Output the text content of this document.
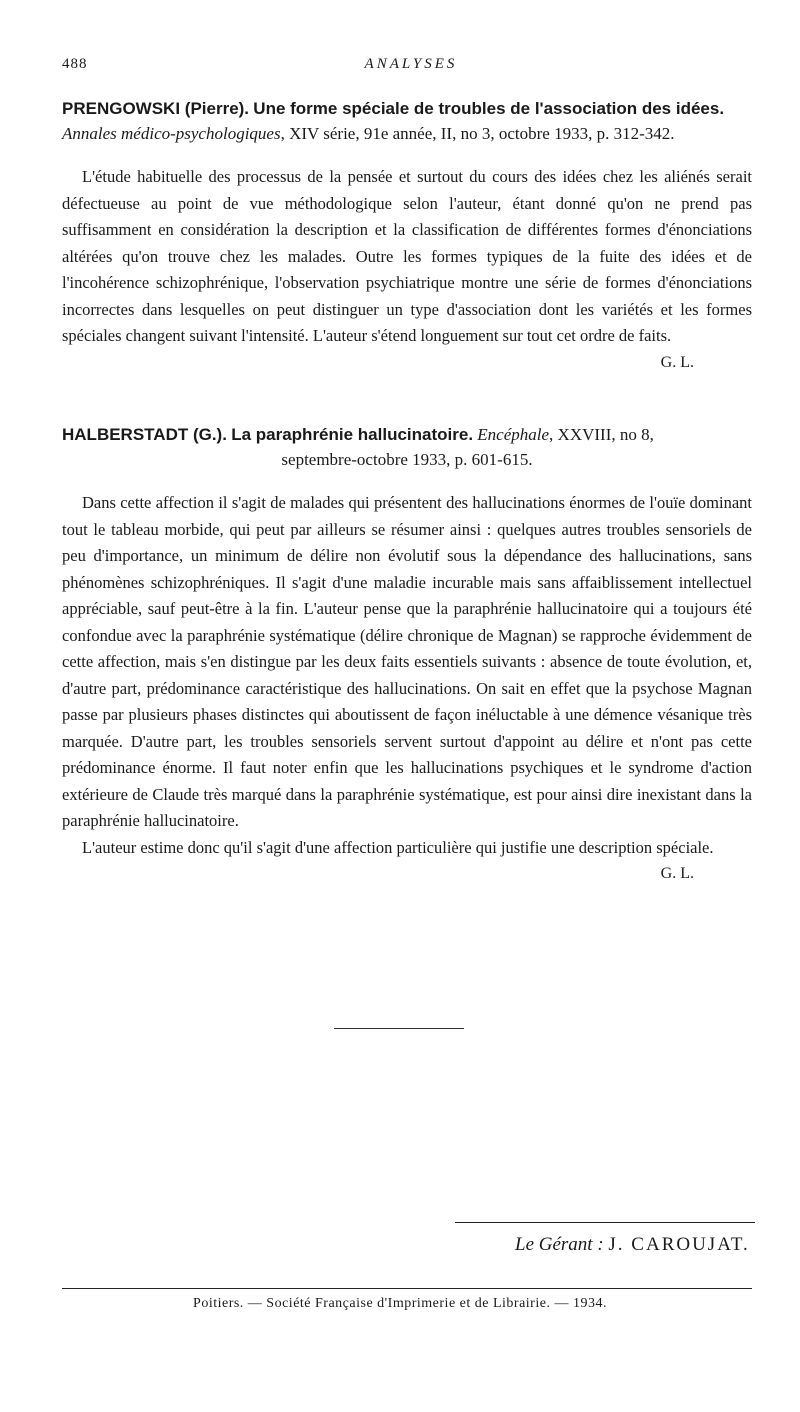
488	ANALYSES
PRENGOWSKI (Pierre). Une forme spéciale de troubles de l'association des idées. Annales médico-psychologiques, XIV série, 91e année, II, no 3, octobre 1933, p. 312-342.

L'étude habituelle des processus de la pensée et surtout du cours des idées chez les aliénés serait défectueuse au point de vue méthodologique selon l'auteur, étant donné qu'on ne prend pas suffisamment en considération la description et la classification de différentes formes d'énonciations altérées qu'on trouve chez les malades. Outre les formes typiques de la fuite des idées et de l'incohérence schizophrénique, l'observation psychiatrique montre une série de formes d'énonciations incorrectes dans lesquelles on peut distinguer un type d'association dont les variétés et les formes spéciales changent suivant l'intensité. L'auteur s'étend longuement sur tout cet ordre de faits.

G. L.
HALBERSTADT (G.). La paraphrénie hallucinatoire. Encéphale, XXVIII, no 8,
septembre-octobre 1933, p. 601-615.

Dans cette affection il s'agit de malades qui présentent des hallucinations énormes de l'ouïe dominant tout le tableau morbide, qui peut par ailleurs se résumer ainsi : quelques autres troubles sensoriels de peu d'importance, un minimum de délire non évolutif sous la dépendance des hallucinations, sans phénomènes schizophréniques. Il s'agit d'une maladie incurable mais sans affaiblissement intellectuel appréciable, sauf peut-être à la fin. L'auteur pense que la paraphrénie hallucinatoire qui a toujours été confondue avec la paraphrénie systématique (délire chronique de Magnan) se rapproche évidemment de cette affection, mais s'en distingue par les deux faits essentiels suivants : absence de toute évolution, et, d'autre part, prédominance caractéristique des hallucinations. On sait en effet que la psychose Magnan passe par plusieurs phases distinctes qui aboutissent de façon inéluctable à une démence vésanique très marquée. D'autre part, les troubles sensoriels servent surtout d'appoint au délire et n'ont pas cette prédominance énorme. Il faut noter enfin que les hallucinations psychiques et le syndrome d'action extérieure de Claude très marqué dans la paraphrénie systématique, est pour ainsi dire inexistant dans la paraphrénie hallucinatoire.

L'auteur estime donc qu'il s'agit d'une affection particulière qui justifie une description spéciale.

G. L.
Le Gérant : J. CAROUJAT.
Poitiers. — Société Française d'Imprimerie et de Librairie. — 1934.
